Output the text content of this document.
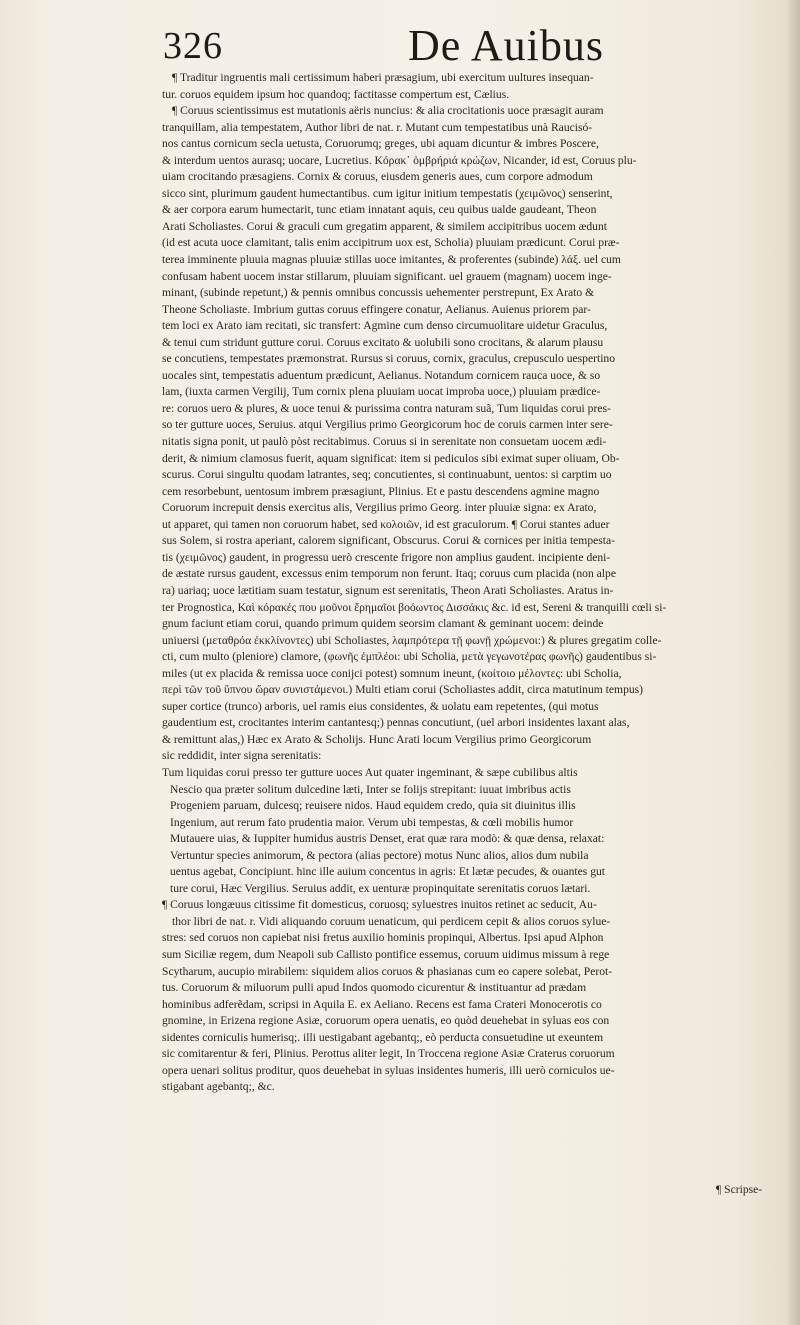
326	De Auibus
¶ Traditur ingruentis mali certissimum haberi præsagium, ubi exercitum uultures insequan-
tur. coruos equidem ipsum hoc quandoq; factitasse compertum est, Cælius.
¶ Coruus scientissimus est mutationis aëris nuncius: & alia crocitationis uoce præsagit auram
tranquillam, alia tempestatem, Author libri de nat. r. Mutant cum tempestatibus unà Raucisó-
nos cantus cornicum secla uetusta, Coruorumq; greges, ubi aquam dicuntur & imbres Poscere,
& interdum uentos aurasq; uocare, Lucretius. Κόρακ᾽ ὀμβρήριά κρώζων, Nicander, id est, Coruus plu-
uiam crocitando præsagiens. Cornix & coruus, eiusdem generis aues, cum corpore admodum
sicco sint, plurimum gaudent humectantibus. cum igitur initium tempestatis (χειμῶνος) senserint,
& aer corpora earum humectarit, tunc etiam innatant aquis, ceu quibus ualde gaudeant, Theon
Arati Scholiastes. Corui & graculi cum gregatim apparent, & similem accipitribus uocem ædunt
(id est acuta uoce clamitant, talis enim accipitrum uox est, Scholia) pluuiam prædicunt. Corui præ-
terea imminente pluuia magnas pluuiæ stillas uoce imitantes, & proferentes (subinde) λάξ. uel cum
confusam habent uocem instar stillarum, pluuiam significant. uel grauem (magnam) uocem inge-
minant, (subinde repetunt,) & pennis omnibus concussis uehementer perstrepunt, Ex Arato &
Theone Scholiaste. Imbrium guttas coruus effingere conatur, Aelianus. Auienus priorem par-
tem loci ex Arato iam recitati, sic transfert: Agmine cum denso circumuolitare uidetur Graculus,
& tenui cum stridunt gutture corui. Coruus excitato & uolubili sono crocitans, & alarum plausu
se concutiens, tempestates præmonstrat. Rursus si coruus, cornix, graculus, crepusculo uespertino
uocales sint, tempestatis aduentum prædicunt, Aelianus. Notandum cornicem rauca uoce, & so
lam, (iuxta carmen Vergilij, Tum cornix plena pluuiam uocat improba uoce,) pluuiam prædice-
re: coruos uero & plures, & uoce tenui & purissima contra naturam suã, Tum liquidas corui pres-
so ter gutture uoces, Seruius. atqui Vergilius primo Georgicorum hoc de coruis carmen inter sere-
nitatis signa ponit, ut paulò pòst recitabimus. Coruus si in serenitate non consuetam uocem ædi-
derit, & nimium clamosus fuerit, aquam significat: item si pediculos sibi eximat super oliuam, Ob-
scurus. Corui singultu quodam latrantes, seq; concutientes, si continuabunt, uentos: si carptim uo
cem resorbebunt, uentosum imbrem præsagiunt, Plinius. Et e pastu descendens agmine magno
Coruorum increpuit densis exercitus alis, Vergilius primo Georg. inter pluuiæ signa: ex Arato,
ut apparet, qui tamen non coruorum habet, sed κολοιῶν, id est graculorum. ¶ Corui stantes aduer
sus Solem, si rostra aperiant, calorem significant, Obscurus. Corui & cornices per initia tempesta-
tis (χειμῶνος) gaudent, in progressu uerò crescente frigore non amplius gaudent. incipiente deni-
de æstate rursus gaudent, excessus enim temporum non ferunt. Itaq; coruus cum placida (non alpe
ra) uariaq; uoce lætitiam suam testatur, signum est serenitatis, Theon Arati Scholiastes. Aratus in-
ter Prognostica, Καὶ κόρακές που μοῦνοι ἔρημαῖοι βοόωντος Δισσάκις &c. id est, Sereni & tranquilli cœli si-
gnum faciunt etiam corui, quando primum quidem seorsim clamant & geminant uocem: deinde
uniuersi (μεταθρόα ἐκκλίνοντες) ubi Scholiastes, λαμπρότερα τῇ φωνῇ χρώμενοι:) & plures gregatim colle-
cti, cum multo (pleniore) clamore, (φωνῆς ἐμπλέοι: ubi Scholia, μετὰ γεγωνοτέρας φωνῆς) gaudentibus si-
miles (ut ex placida & remissa uoce conijci potest) somnum ineunt, (κοίτοιο μέλοντες: ubi Scholia,
περὶ τῶν τοῦ ὕπνου ὥραν συνιστάμενοι.) Multi etiam corui (Scholiastes addit, circa matutinum tempus)
super cortice (trunco) arboris, uel ramis eius considentes, & uolatu eam repetentes, (qui motus
gaudentium est, crocitantes interim cantantesq;) pennas concutiunt, (uel arbori insidentes laxant alas,
& remittunt alas,) Hæc ex Arato & Scholijs. Hunc Arati locum Vergilius primo Georgicorum
sic reddidit, inter signa serenitatis:
Tum liquidas corui presso ter gutture uoces Aut quater ingeminant, & sæpe cubilibus altis
Nescio qua præter solitum dulcedine læti, Inter se folijs strepitant: iuuat imbribus actis
Progeniem paruam, dulcesq; reuisere nidos. Haud equidem credo, quia sit diuinitus illis
Ingenium, aut rerum fato prudentia maior. Verum ubi tempestas, & cœli mobilis humor
Mutauere uias, & Iuppiter humidus austris Denset, erat quæ rara modò: & quæ densa, relaxat:
Vertuntur species animorum, & pectora (alias pectore) motus Nunc alios, alios dum nubila
uentus agebat, Concipiunt. hinc ille auium concentus in agris: Et lætæ pecudes, & ouantes gut
ture corui, Hæc Vergilius. Seruius addit, ex uenturæ propinquitate serenitatis coruos lætari.
¶ Coruus longæuus citissime fit domesticus, coruosq; syluestres inuitos retinet ac seducit, Au-
thor libri de nat. r. Vidi aliquando coruum uenaticum, qui perdicem cepit & alios coruos sylue-
stres: sed coruos non capiebat nisi fretus auxilio hominis propinqui, Albertus. Ipsi apud Alphon
sum Siciliæ regem, dum Neapoli sub Callisto pontifice essemus, coruum uidimus missum à rege
Scytharum, aucupio mirabilem: siquidem alios coruos & phasianas cum eo capere solebat, Perot-
tus. Coruorum & miluorum pulli apud Indos quomodo cicurentur & instituantur ad prædam
hominibus adferẽdam, scripsi in Aquila E. ex Aeliano. Recens est fama Crateri Monocerotis co
gnomine, in Erizena regione Asiæ, coruorum opera uenatis, eo quòd deuehebat in syluas eos con
sidentes corniculis humerisq;. illi uestigabant agebantq;, eò perducta consuetudine ut exeuntem
sic comitarentur & feri, Plinius. Perottus aliter legit, In Troccena regione Asiæ Craterus coruorum
opera uenari solitus proditur, quos deuehebat in syluas insidentes humeris, illi uerò corniculos ue-
stigabant agebantq;, &c.
¶ Scripse-
